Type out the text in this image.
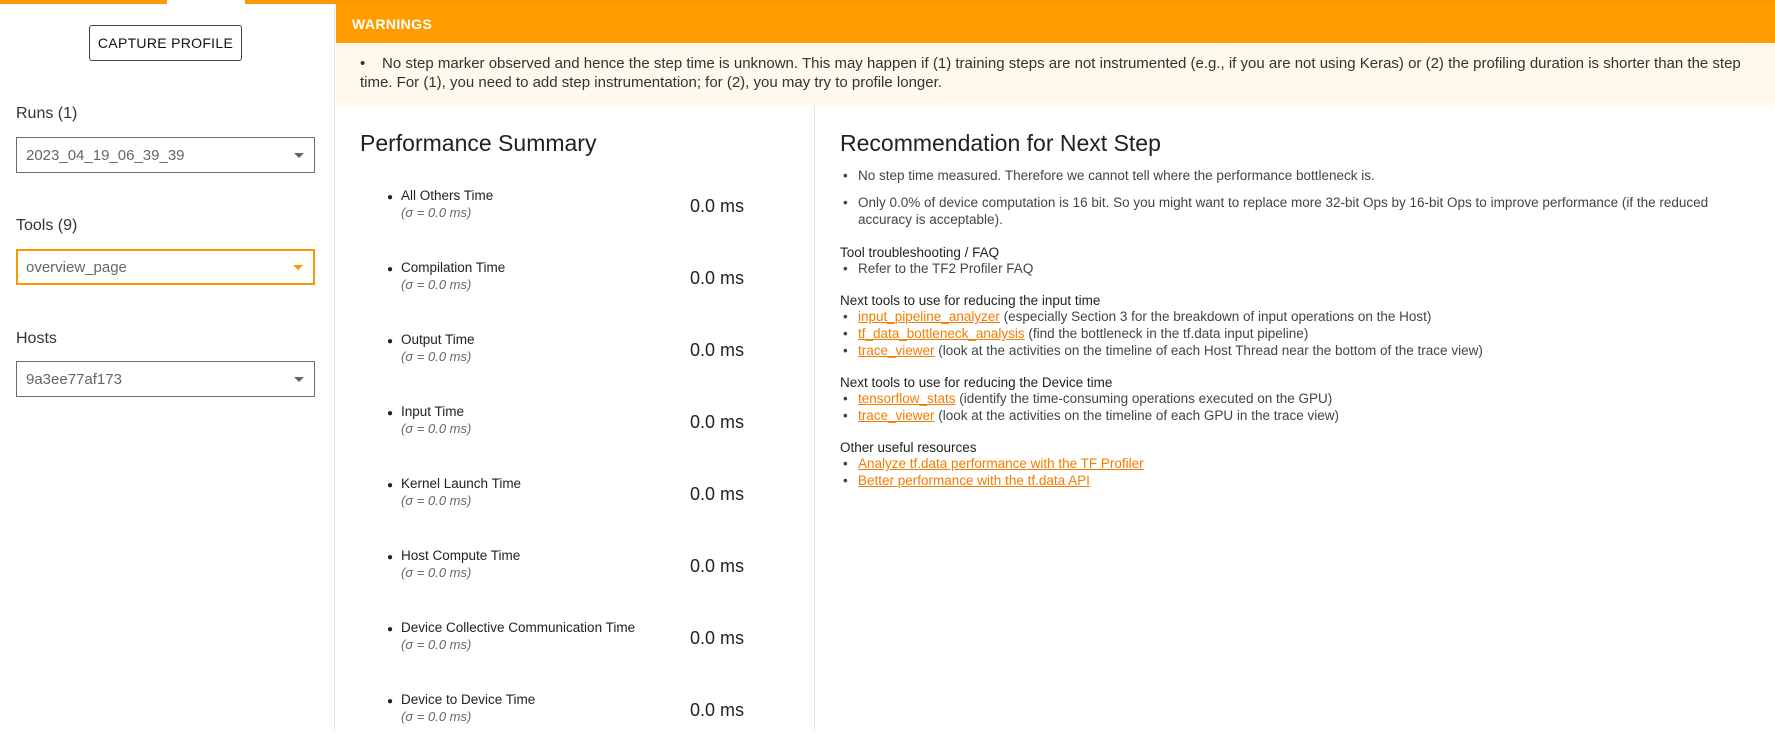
CAPTURE PROFILE
Runs (1)
2023_04_19_06_39_39
Tools (9)
overview_page
Hosts
9a3ee77af173
WARNINGS
•	No step marker observed and hence the step time is unknown. This may happen if (1) training steps are not instrumented (e.g., if you are not using Keras) or (2) the profiling duration is shorter than the step time. For (1), you need to add step instrumentation; for (2), you may try to profile longer.
Performance Summary
● All Others Time
(σ = 0.0 ms)	0.0 ms
● Compilation Time
(σ = 0.0 ms)	0.0 ms
● Output Time
(σ = 0.0 ms)	0.0 ms
● Input Time
(σ = 0.0 ms)	0.0 ms
● Kernel Launch Time
(σ = 0.0 ms)	0.0 ms
● Host Compute Time
(σ = 0.0 ms)	0.0 ms
● Device Collective Communication Time
(σ = 0.0 ms)	0.0 ms
● Device to Device Time
(σ = 0.0 ms)	0.0 ms
Recommendation for Next Step
• No step time measured. Therefore we cannot tell where the performance bottleneck is.
• Only 0.0% of device computation is 16 bit. So you might want to replace more 32-bit Ops by 16-bit Ops to improve performance (if the reduced accuracy is acceptable).
Tool troubleshooting / FAQ
• Refer to the TF2 Profiler FAQ
Next tools to use for reducing the input time
• input_pipeline_analyzer (especially Section 3 for the breakdown of input operations on the Host)
• tf_data_bottleneck_analysis (find the bottleneck in the tf.data input pipeline)
• trace_viewer (look at the activities on the timeline of each Host Thread near the bottom of the trace view)
Next tools to use for reducing the Device time
• tensorflow_stats (identify the time-consuming operations executed on the GPU)
• trace_viewer (look at the activities on the timeline of each GPU in the trace view)
Other useful resources
• Analyze tf.data performance with the TF Profiler
• Better performance with the tf.data API
